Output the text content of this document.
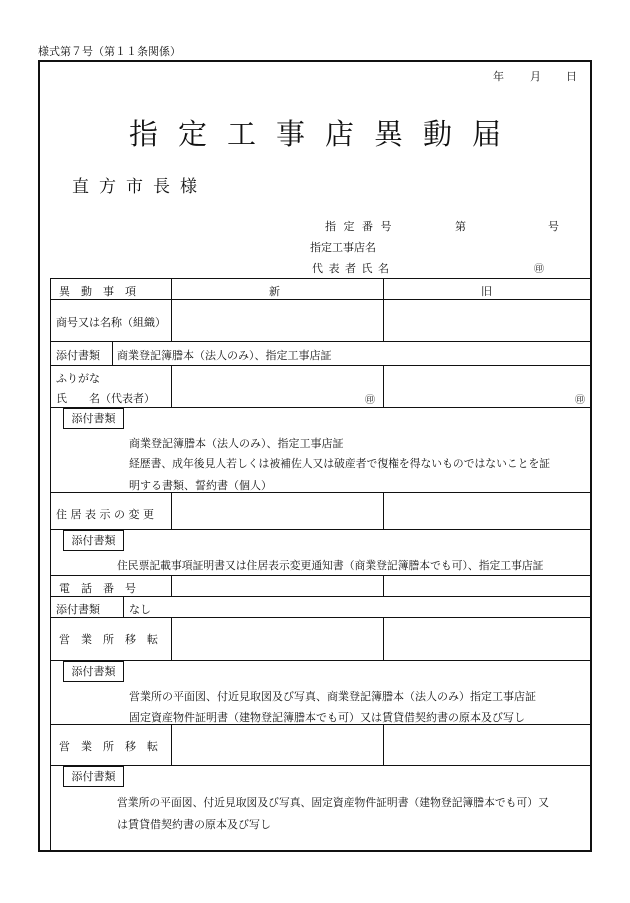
様式第７号（第１１条関係）
年 月 日
指定工事店異動届
直方市長様
指 定 番 号	第	号
指定工事店名
代 表 者 氏 名	㊞
異　動　事　項	新	旧
商号又は名称（組織）
添付書類 商業登記簿謄本（法人のみ）、指定工事店証
ふりがな
氏　　名（代表者）	㊞	㊞
添付書類
商業登記簿謄本（法人のみ）、指定工事店証
経歴書、成年後見人若しくは被補佐人又は破産者で復権を得ないものではないことを証
明する書類、誓約書（個人）
住 居 表 示 の 変 更
添付書類
住民票記載事項証明書又は住居表示変更通知書（商業登記簿謄本でも可）、指定工事店証
電　話　番　号
添付書類	なし
営　業　所　移　転
添付書類
営業所の平面図、付近見取図及び写真、商業登記簿謄本（法人のみ）指定工事店証
固定資産物件証明書（建物登記簿謄本でも可）又は賃貸借契約書の原本及び写し
営　業　所　移　転
添付書類
営業所の平面図、付近見取図及び写真、固定資産物件証明書（建物登記簿謄本でも可）又
は賃貸借契約書の原本及び写し
